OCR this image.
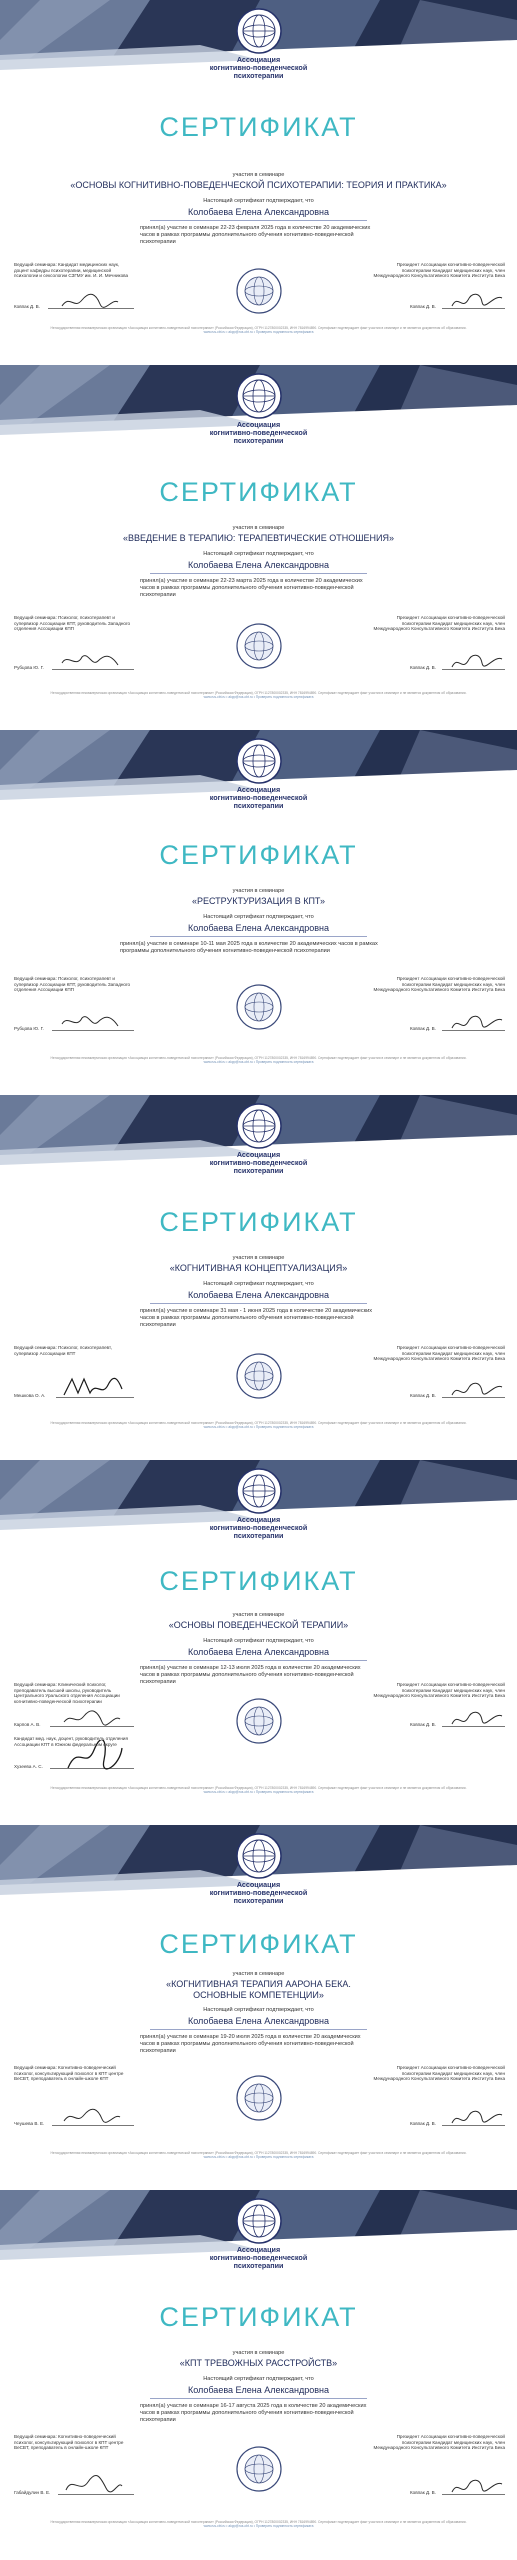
Ассоциация
когнитивно-поведенческой
психотерапии
СЕРТИФИКАТ
участия в семинаре
«ОСНОВЫ КОГНИТИВНО-ПОВЕДЕНЧЕСКОЙ ПСИХОТЕРАПИИ: ТЕОРИЯ И ПРАКТИКА»
Настоящий сертификат подтверждает, что
Колобаева Елена Александровна
принял(а) участие в семинаре 22-23 февраля 2025 года в количестве 20 академических часов в рамках программы дополнительного обучения когнитивно-поведенческой психотерапии
Ведущий семинара: Кандидат медицинских наук, доцент кафедры психотерапии, медицинской психологии и сексологии СЗГМУ им. И. И. Мечникова
Ковпак Д. В.
Президент Ассоциации когнитивно-поведенческой психотерапии Кандидат медицинских наук, член Международного Консультативного Комитета Института Бека
Ковпак Д. В.
Негосударственная некоммерческая организация «Ассоциация когнитивно-поведенческой психотерапии» (Российская Федерация), ОГРН 1127800002335, ИНН 7816994890. Сертификат подтверждает факт участия в семинаре и не является документом об образовании.
www.rus-cbt.ru • akpp@rus-cbt.ru • Проверить подлинность сертификата
Ассоциация
когнитивно-поведенческой
психотерапии
СЕРТИФИКАТ
участия в семинаре
«ВВЕДЕНИЕ В ТЕРАПИЮ: ТЕРАПЕВТИЧЕСКИЕ ОТНОШЕНИЯ»
Настоящий сертификат подтверждает, что
Колобаева Елена Александровна
принял(а) участие в семинаре 22-23 марта 2025 года в количестве 20 академических часов в рамках программы дополнительного обучения когнитивно-поведенческой психотерапии
Ведущий семинара: Психолог, психотерапевт и супервизор Ассоциации КПТ, руководитель Западного отделения Ассоциации КПП
Рубцова Ю. Г.
Президент Ассоциации когнитивно-поведенческой психотерапии Кандидат медицинских наук, член Международного Консультативного Комитета Института Бека
Ковпак Д. В.
Негосударственная некоммерческая организация «Ассоциация когнитивно-поведенческой психотерапии» (Российская Федерация), ОГРН 1127800002335, ИНН 7816994890. Сертификат подтверждает факт участия в семинаре и не является документом об образовании.
www.rus-cbt.ru • akpp@rus-cbt.ru • Проверить подлинность сертификата
Ассоциация
когнитивно-поведенческой
психотерапии
СЕРТИФИКАТ
участия в семинаре
«РЕСТРУКТУРИЗАЦИЯ В КПТ»
Настоящий сертификат подтверждает, что
Колобаева Елена Александровна
принял(а) участие в семинаре 10-11 мая 2025 года в количестве 20 академических часов в рамках программы дополнительного обучения когнитивно-поведенческой психотерапии
Ведущий семинара: Психолог, психотерапевт и супервизор Ассоциации КПТ, руководитель Западного отделения Ассоциации КПП
Рубцова Ю. Г.
Президент Ассоциации когнитивно-поведенческой психотерапии Кандидат медицинских наук, член Международного Консультативного Комитета Института Бека
Ковпак Д. В.
Негосударственная некоммерческая организация «Ассоциация когнитивно-поведенческой психотерапии» (Российская Федерация), ОГРН 1127800002335, ИНН 7816994890. Сертификат подтверждает факт участия в семинаре и не является документом об образовании.
www.rus-cbt.ru • akpp@rus-cbt.ru • Проверить подлинность сертификата
Ассоциация
когнитивно-поведенческой
психотерапии
СЕРТИФИКАТ
участия в семинаре
«КОГНИТИВНАЯ КОНЦЕПТУАЛИЗАЦИЯ»
Настоящий сертификат подтверждает, что
Колобаева Елена Александровна
принял(а) участие в семинаре 31 мая - 1 июня 2025 года в количестве 20 академических часов в рамках программы дополнительного обучения когнитивно-поведенческой психотерапии
Ведущий семинара: Психолог, психотерапевт, супервизор Ассоциации КПТ
Мешкова О. А.
Президент Ассоциации когнитивно-поведенческой психотерапии Кандидат медицинских наук, член Международного Консультативного Комитета Института Бека
Ковпак Д. В.
Негосударственная некоммерческая организация «Ассоциация когнитивно-поведенческой психотерапии» (Российская Федерация), ОГРН 1127800002335, ИНН 7816994890. Сертификат подтверждает факт участия в семинаре и не является документом об образовании.
www.rus-cbt.ru • akpp@rus-cbt.ru • Проверить подлинность сертификата
Ассоциация
когнитивно-поведенческой
психотерапии
СЕРТИФИКАТ
участия в семинаре
«ОСНОВЫ ПОВЕДЕНЧЕСКОЙ ТЕРАПИИ»
Настоящий сертификат подтверждает, что
Колобаева Елена Александровна
принял(а) участие в семинаре 12-13 июля 2025 года в количестве 20 академических часов в рамках программы дополнительного обучения когнитивно-поведенческой психотерапии
Ведущий семинара: Клинический психолог, преподаватель высшей школы, руководитель Центрального Уральского отделения Ассоциации когнитивно-поведенческой психотерапии
Карпов А. В.
Кандидат мед. наук, доцент, руководитель отделения Ассоциации КПТ в Южном федеральном округе
Хузеева А. С.
Президент Ассоциации когнитивно-поведенческой психотерапии Кандидат медицинских наук, член Международного Консультативного Комитета Института Бека
Ковпак Д. В.
Негосударственная некоммерческая организация «Ассоциация когнитивно-поведенческой психотерапии» (Российская Федерация), ОГРН 1127800002335, ИНН 7816994890. Сертификат подтверждает факт участия в семинаре и не является документом об образовании.
www.rus-cbt.ru • akpp@rus-cbt.ru • Проверить подлинность сертификата
Ассоциация
когнитивно-поведенческой
психотерапии
СЕРТИФИКАТ
участия в семинаре
«КОГНИТИВНАЯ ТЕРАПИЯ ААРОНА БЕКА. ОСНОВНЫЕ КОМПЕТЕНЦИИ»
Настоящий сертификат подтверждает, что
Колобаева Елена Александровна
принял(а) участие в семинаре 19-20 июля 2025 года в количестве 20 академических часов в рамках программы дополнительного обучения когнитивно-поведенческой психотерапии
Ведущий семинара: Когнитивно-поведенческий психолог, консультирующий психолог в КПТ центре BeCBT, преподаватель в онлайн-школе КПТ
Чеушева В. Е.
Президент Ассоциации когнитивно-поведенческой психотерапии Кандидат медицинских наук, член Международного Консультативного Комитета Института Бека
Ковпак Д. В.
Негосударственная некоммерческая организация «Ассоциация когнитивно-поведенческой психотерапии» (Российская Федерация), ОГРН 1127800002335, ИНН 7816994890. Сертификат подтверждает факт участия в семинаре и не является документом об образовании.
www.rus-cbt.ru • akpp@rus-cbt.ru • Проверить подлинность сертификата
Ассоциация
когнитивно-поведенческой
психотерапии
СЕРТИФИКАТ
участия в семинаре
«КПТ ТРЕВОЖНЫХ РАССТРОЙСТВ»
Настоящий сертификат подтверждает, что
Колобаева Елена Александровна
принял(а) участие в семинаре 16-17 августа 2025 года в количестве 20 академических часов в рамках программы дополнительного обучения когнитивно-поведенческой психотерапии
Ведущий семинара: Когнитивно-поведенческий психолог, консультирующий психолог в КПТ центре BeCBT, преподаватель в онлайн-школе КПТ
Габайдулин В. Е.
Президент Ассоциации когнитивно-поведенческой психотерапии Кандидат медицинских наук, член Международного Консультативного Комитета Института Бека
Ковпак Д. В.
Негосударственная некоммерческая организация «Ассоциация когнитивно-поведенческой психотерапии» (Российская Федерация), ОГРН 1127800002335, ИНН 7816994890. Сертификат подтверждает факт участия в семинаре и не является документом об образовании.
www.rus-cbt.ru • akpp@rus-cbt.ru • Проверить подлинность сертификата
